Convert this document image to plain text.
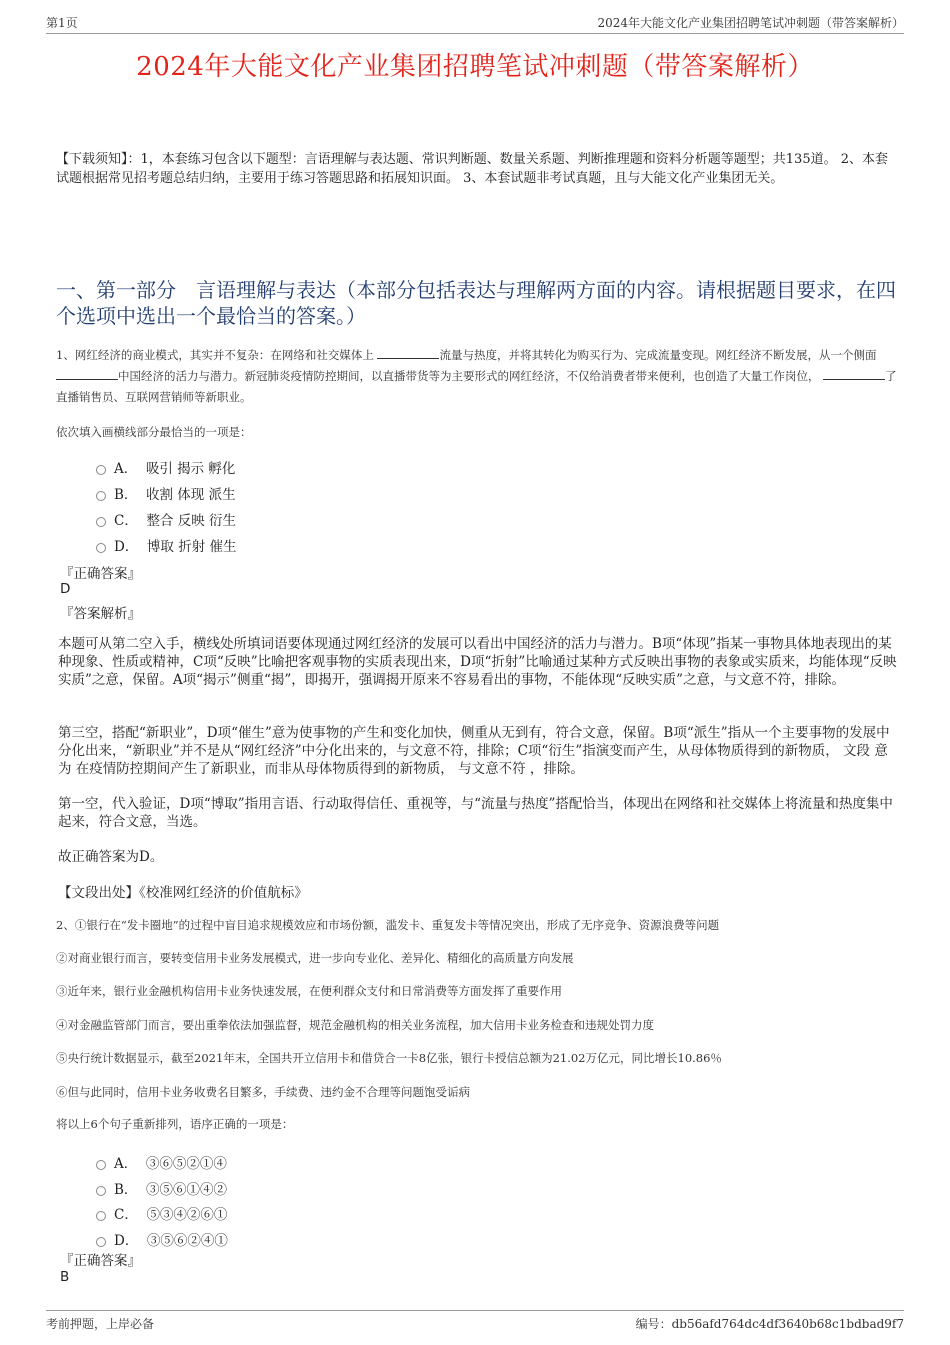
第1页	2024年大能文化产业集团招聘笔试冲刺题（带答案解析）
2024年大能文化产业集团招聘笔试冲刺题（带答案解析）
【下载须知】：1，本套练习包含以下题型：言语理解与表达题、常识判断题、数量关系题、判断推理题和资料分析题等题型；共135道。 2、本套试题根据常见招考题总结归纳，主要用于练习答题思路和拓展知识面。 3、本套试题非考试真题，且与大能文化产业集团无关。
一、第一部分　言语理解与表达（本部分包括表达与理解两方面的内容。请根据题目要求，在四个选项中选出一个最恰当的答案。）
1、网红经济的商业模式，其实并不复杂：在网络和社交媒体上	流量与热度，并将其转化为购买行为、完成流量变现。网红经济不断发展，从一个侧面 中国经济的活力与潜力。新冠肺炎疫情防控期间，以直播带货等为主要形式的网红经济，不仅给消费者带来便利，也创造了大量工作岗位，	了直播销售员、互联网营销师等新职业。
依次填入画横线部分最恰当的一项是：
A． 吸引 揭示 孵化
B． 收割 体现 派生
C． 整合 反映 衍生
D． 博取 折射 催生
『正确答案』
D
『答案解析』
本题可从第二空入手，横线处所填词语要体现通过网红经济的发展可以看出中国经济的活力与潜力。B项“体现”指某一事物具体地表现出的某种现象、性质或精神，C项“反映”比喻把客观事物的实质表现出来，D项“折射”比喻通过某种方式反映出事物的表象或实质来，均能体现“反映实质”之意，保留。A项“揭示”侧重“揭”，即揭开，强调揭开原来不容易看出的事物，不能体现“反映实质”之意，与文意不符，排除。
第三空，搭配“新职业”，D项“催生”意为使事物的产生和变化加快，侧重从无到有，符合文意，保留。B项“派生”指从一个主要事物的发展中分化出来，“新职业”并不是从“网红经济”中分化出来的，与文意不符，排除；C项“衍生”指演变而产生，从母体物质得到的新物质， 文段 意为 在疫情防控期间产生了新职业，而非从母体物质得到的新物质， 与文意不符 ，排除。
第一空，代入验证，D项“博取”指用言语、行动取得信任、重视等，与“流量与热度”搭配恰当，体现出在网络和社交媒体上将流量和热度集中起来，符合文意，当选。
故正确答案为D。
【文段出处】《校准网红经济的价值航标》
2、①银行在“发卡圈地”的过程中盲目追求规模效应和市场份额，滥发卡、重复发卡等情况突出，形成了无序竞争、资源浪费等问题
②对商业银行而言，要转变信用卡业务发展模式，进一步向专业化、差异化、精细化的高质量方向发展
③近年来，银行业金融机构信用卡业务快速发展，在便利群众支付和日常消费等方面发挥了重要作用
④对金融监管部门而言，要出重拳依法加强监督，规范金融机构的相关业务流程，加大信用卡业务检查和违规处罚力度
⑤央行统计数据显示，截至2021年末，全国共开立信用卡和借贷合一卡8亿张，银行卡授信总额为21.02万亿元，同比增长10.86％
⑥但与此同时，信用卡业务收费名目繁多，手续费、违约金不合理等问题饱受诟病
将以上6个句子重新排列，语序正确的一项是：
A． ③⑥⑤②①④
B． ③⑤⑥①④②
C． ⑤③④②⑥①
D． ③⑤⑥②④①
『正确答案』
B
考前押题，上岸必备	编号：db56afd764dc4df3640b68c1bdbad9f7
